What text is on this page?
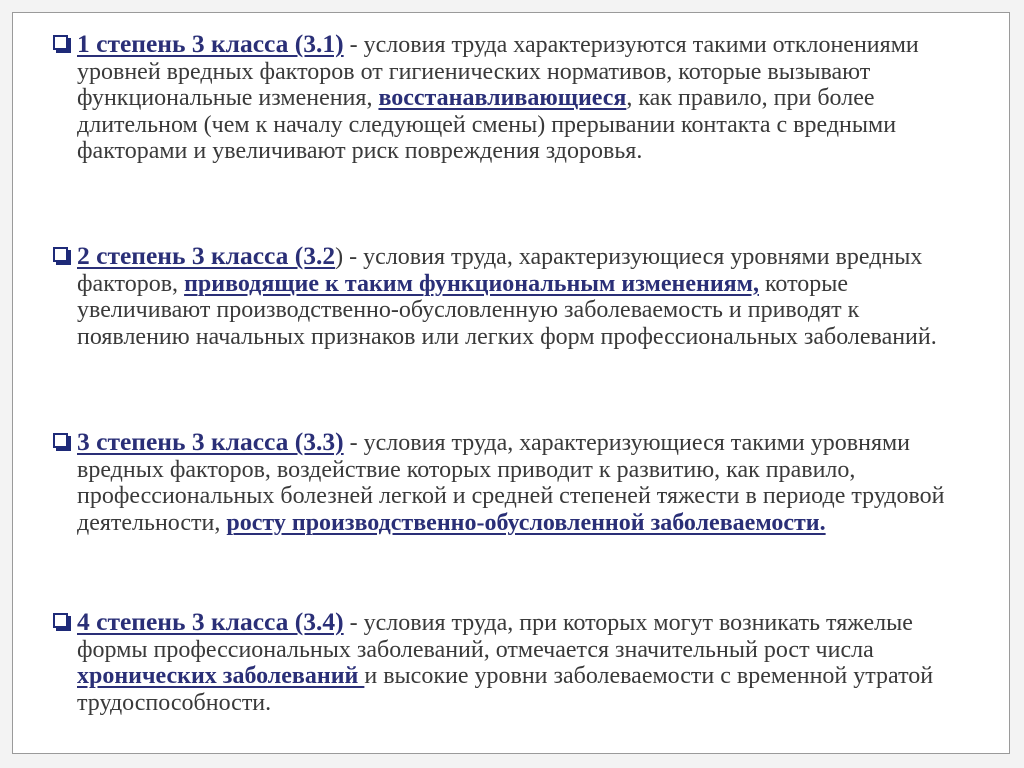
1 степень 3 класса (3.1) - условия труда характеризуются такими отклонениями уровней вредных факторов от гигиенических нормативов, которые вызывают функциональные изменения, восстанавливающиеся, как правило, при более длительном (чем к началу следующей смены) прерывании контакта с вредными факторами и увеличивают риск повреждения здоровья.
2 степень 3 класса (3.2) - условия труда, характеризующиеся уровнями вредных факторов, приводящие к таким функциональным изменениям, которые увеличивают производственно-обусловленную заболеваемость и приводят к появлению начальных признаков или легких форм профессиональных заболеваний.
3 степень 3 класса (3.3) - условия труда, характеризующиеся такими уровнями вредных факторов, воздействие которых приводит к развитию, как правило, профессиональных болезней легкой и средней степеней тяжести в периоде трудовой деятельности, росту производственно-обусловленной заболеваемости.
4 степень 3 класса (3.4) - условия труда, при которых могут возникать тяжелые формы профессиональных заболеваний, отмечается значительный рост числа хронических заболеваний и высокие уровни заболеваемости с временной утратой трудоспособности.
